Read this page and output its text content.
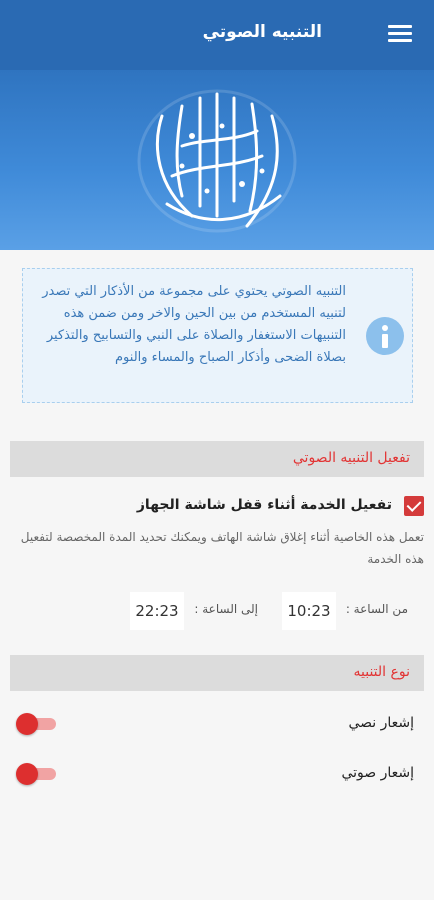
التنبيه الصوتي
التنبيه الصوتي يحتوي على مجموعة من الأذكار التي تصدر لتنبيه المستخدم من بين الحين والاخر ومن ضمن هذه التنبيهات الاستغفار والصلاة على النبي والتسابيح والتذكير بصلاة الضحى وأذكار الصباح والمساء والنوم
تفعيل التنبيه الصوتي
تفعيل الخدمة أثناء قفل شاشة الجهاز
تعمل هذه الخاصية أثناء إغلاق شاشة الهاتف ويمكنك تحديد المدة المخصصة لتفعيل هذه الخدمة
من الساعة :
10:23
إلى الساعة :
22:23
نوع التنبيه
إشعار نصي
إشعار صوتي
